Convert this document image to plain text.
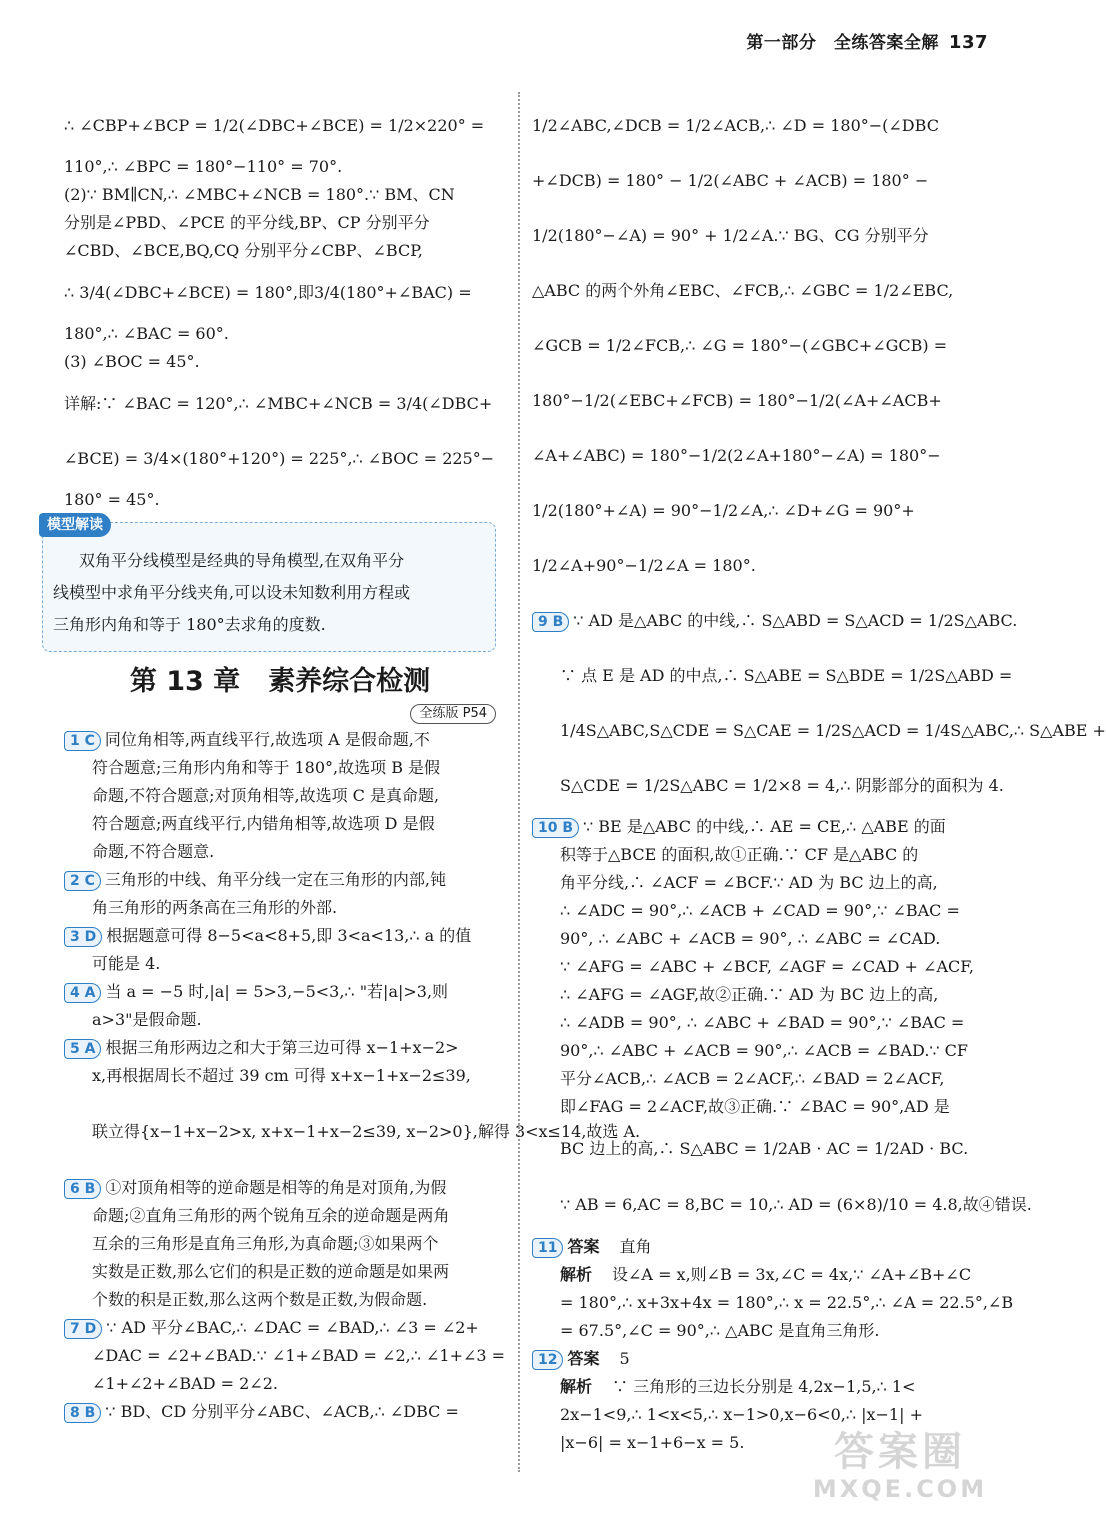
第一部分　全练答案全解 137
∴ ∠CBP+∠BCP = 1/2(∠DBC+∠BCE) = 1/2×220° =
110°,∴ ∠BPC = 180°−110° = 70°.
(2)∵ BM∥CN,∴ ∠MBC+∠NCB = 180°.∵ BM、CN
分别是∠PBD、∠PCE 的平分线,BP、CP 分别平分
∠CBD、∠BCE,BQ,CQ 分别平分∠CBP、∠BCP,
∴ 3/4(∠DBC+∠BCE) = 180°,即3/4(180°+∠BAC) =
180°,∴ ∠BAC = 60°.
(3) ∠BOC = 45°.
详解:∵ ∠BAC = 120°,∴ ∠MBC+∠NCB = 3/4(∠DBC+
∠BCE) = 3/4×(180°+120°) = 225°,∴ ∠BOC = 225°−
180° = 45°.
模型解读
双角平分线模型是经典的导角模型,在双角平分
线模型中求角平分线夹角,可以设未知数利用方程或
三角形内角和等于 180°去求角的度数.
第 13 章 素养综合检测
全练版 P54
1 C 同位角相等,两直线平行,故选项 A 是假命题,不
符合题意;三角形内角和等于 180°,故选项 B 是假
命题,不符合题意;对顶角相等,故选项 C 是真命题,
符合题意;两直线平行,内错角相等,故选项 D 是假
命题,不符合题意.
2 C 三角形的中线、角平分线一定在三角形的内部,钝
角三角形的两条高在三角形的外部.
3 D 根据题意可得 8−5<a<8+5,即 3<a<13,∴ a 的值
可能是 4.
4 A 当 a = −5 时,|a| = 5>3,−5<3,∴ "若|a|>3,则
a>3"是假命题.
5 A 根据三角形两边之和大于第三边可得 x−1+x−2>
x,再根据周长不超过 39 cm 可得 x+x−1+x−2≤39,
联立得{x−1+x−2>x, x+x−1+x−2≤39, x−2>0},解得 3<x≤14,故选 A.
6 B ①对顶角相等的逆命题是相等的角是对顶角,为假
命题;②直角三角形的两个锐角互余的逆命题是两角
互余的三角形是直角三角形,为真命题;③如果两个
实数是正数,那么它们的积是正数的逆命题是如果两
个数的积是正数,那么这两个数是正数,为假命题.
7 D ∵ AD 平分∠BAC,∴ ∠DAC = ∠BAD,∴ ∠3 = ∠2+
∠DAC = ∠2+∠BAD.∵ ∠1+∠BAD = ∠2,∴ ∠1+∠3 =
∠1+∠2+∠BAD = 2∠2.
8 B ∵ BD、CD 分别平分∠ABC、∠ACB,∴ ∠DBC =
1/2∠ABC,∠DCB = 1/2∠ACB,∴ ∠D = 180°−(∠DBC
+∠DCB) = 180° − 1/2(∠ABC + ∠ACB) = 180° −
1/2(180°−∠A) = 90° + 1/2∠A.∵ BG、CG 分别平分
△ABC 的两个外角∠EBC、∠FCB,∴ ∠GBC = 1/2∠EBC,
∠GCB = 1/2∠FCB,∴ ∠G = 180°−(∠GBC+∠GCB) =
180°−1/2(∠EBC+∠FCB) = 180°−1/2(∠A+∠ACB+
∠A+∠ABC) = 180°−1/2(2∠A+180°−∠A) = 180°−
1/2(180°+∠A) = 90°−1/2∠A,∴ ∠D+∠G = 90°+
1/2∠A+90°−1/2∠A = 180°.
9 B ∵ AD 是△ABC 的中线,∴ S△ABD = S△ACD = 1/2S△ABC.
∵ 点 E 是 AD 的中点,∴ S△ABE = S△BDE = 1/2S△ABD =
1/4S△ABC,S△CDE = S△CAE = 1/2S△ACD = 1/4S△ABC,∴ S△ABE +
S△CDE = 1/2S△ABC = 1/2×8 = 4,∴ 阴影部分的面积为 4.
10 B ∵ BE 是△ABC 的中线,∴ AE = CE,∴ △ABE 的面
积等于△BCE 的面积,故①正确.∵ CF 是△ABC 的
角平分线,∴ ∠ACF = ∠BCF.∵ AD 为 BC 边上的高,
∴ ∠ADC = 90°,∴ ∠ACB + ∠CAD = 90°,∵ ∠BAC =
90°, ∴ ∠ABC + ∠ACB = 90°, ∴ ∠ABC = ∠CAD.
∵ ∠AFG = ∠ABC + ∠BCF, ∠AGF = ∠CAD + ∠ACF,
∴ ∠AFG = ∠AGF,故②正确.∵ AD 为 BC 边上的高,
∴ ∠ADB = 90°, ∴ ∠ABC + ∠BAD = 90°,∵ ∠BAC =
90°,∴ ∠ABC + ∠ACB = 90°,∴ ∠ACB = ∠BAD.∵ CF
平分∠ACB,∴ ∠ACB = 2∠ACF,∴ ∠BAD = 2∠ACF,
即∠FAG = 2∠ACF,故③正确.∵ ∠BAC = 90°,AD 是
BC 边上的高,∴ S△ABC = 1/2AB · AC = 1/2AD · BC.
∵ AB = 6,AC = 8,BC = 10,∴ AD = (6×8)/10 = 4.8,故④错误.
11 答案 直角
解析 设∠A = x,则∠B = 3x,∠C = 4x,∵ ∠A+∠B+∠C
= 180°,∴ x+3x+4x = 180°,∴ x = 22.5°,∴ ∠A = 22.5°,∠B
= 67.5°,∠C = 90°,∴ △ABC 是直角三角形.
12 答案 5
解析 ∵ 三角形的三边长分别是 4,2x−1,5,∴ 1<
2x−1<9,∴ 1<x<5,∴ x−1>0,x−6<0,∴ |x−1| +
|x−6| = x−1+6−x = 5.	答案圈
MXQE.COM
